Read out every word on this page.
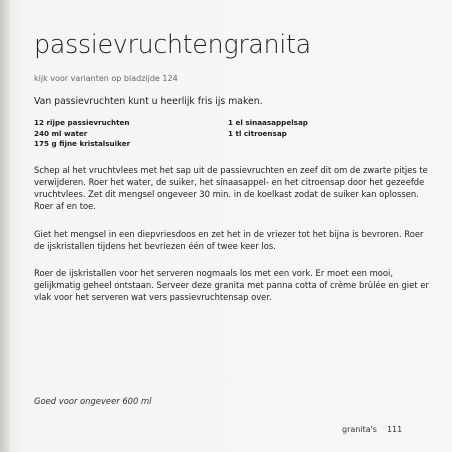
passievruchtengranita
kijk voor varianten op bladzijde 124
Van passievruchten kunt u heerlijk fris ijs maken.
12 rijpe passievruchten
240 ml water
175 g fijne kristalsuiker
1 el sinaasappelsap
1 tl citroensap
Schep al het vruchtvlees met het sap uit de passievruchten en zeef dit om de zwarte pitjes te
verwijderen. Roer het water, de suiker, het sinaasappel- en het citroensap door het gezeefde
vruchtvlees. Zet dit mengsel ongeveer 30 min. in de koelkast zodat de suiker kan oplossen.
Roer af en toe.
Giet het mengsel in een diepvriesdoos en zet het in de vriezer tot het bijna is bevroren. Roer
de ijskristallen tijdens het bevriezen één of twee keer los.
Roer de ijskristallen voor het serveren nogmaals los met een vork. Er moet een mooi,
gelijkmatig geheel ontstaan. Serveer deze granita met panna cotta of crème brûlée en giet er
vlak voor het serveren wat vers passievruchtensap over.
Goed voor ongeveer 600 ml
granita's 111
